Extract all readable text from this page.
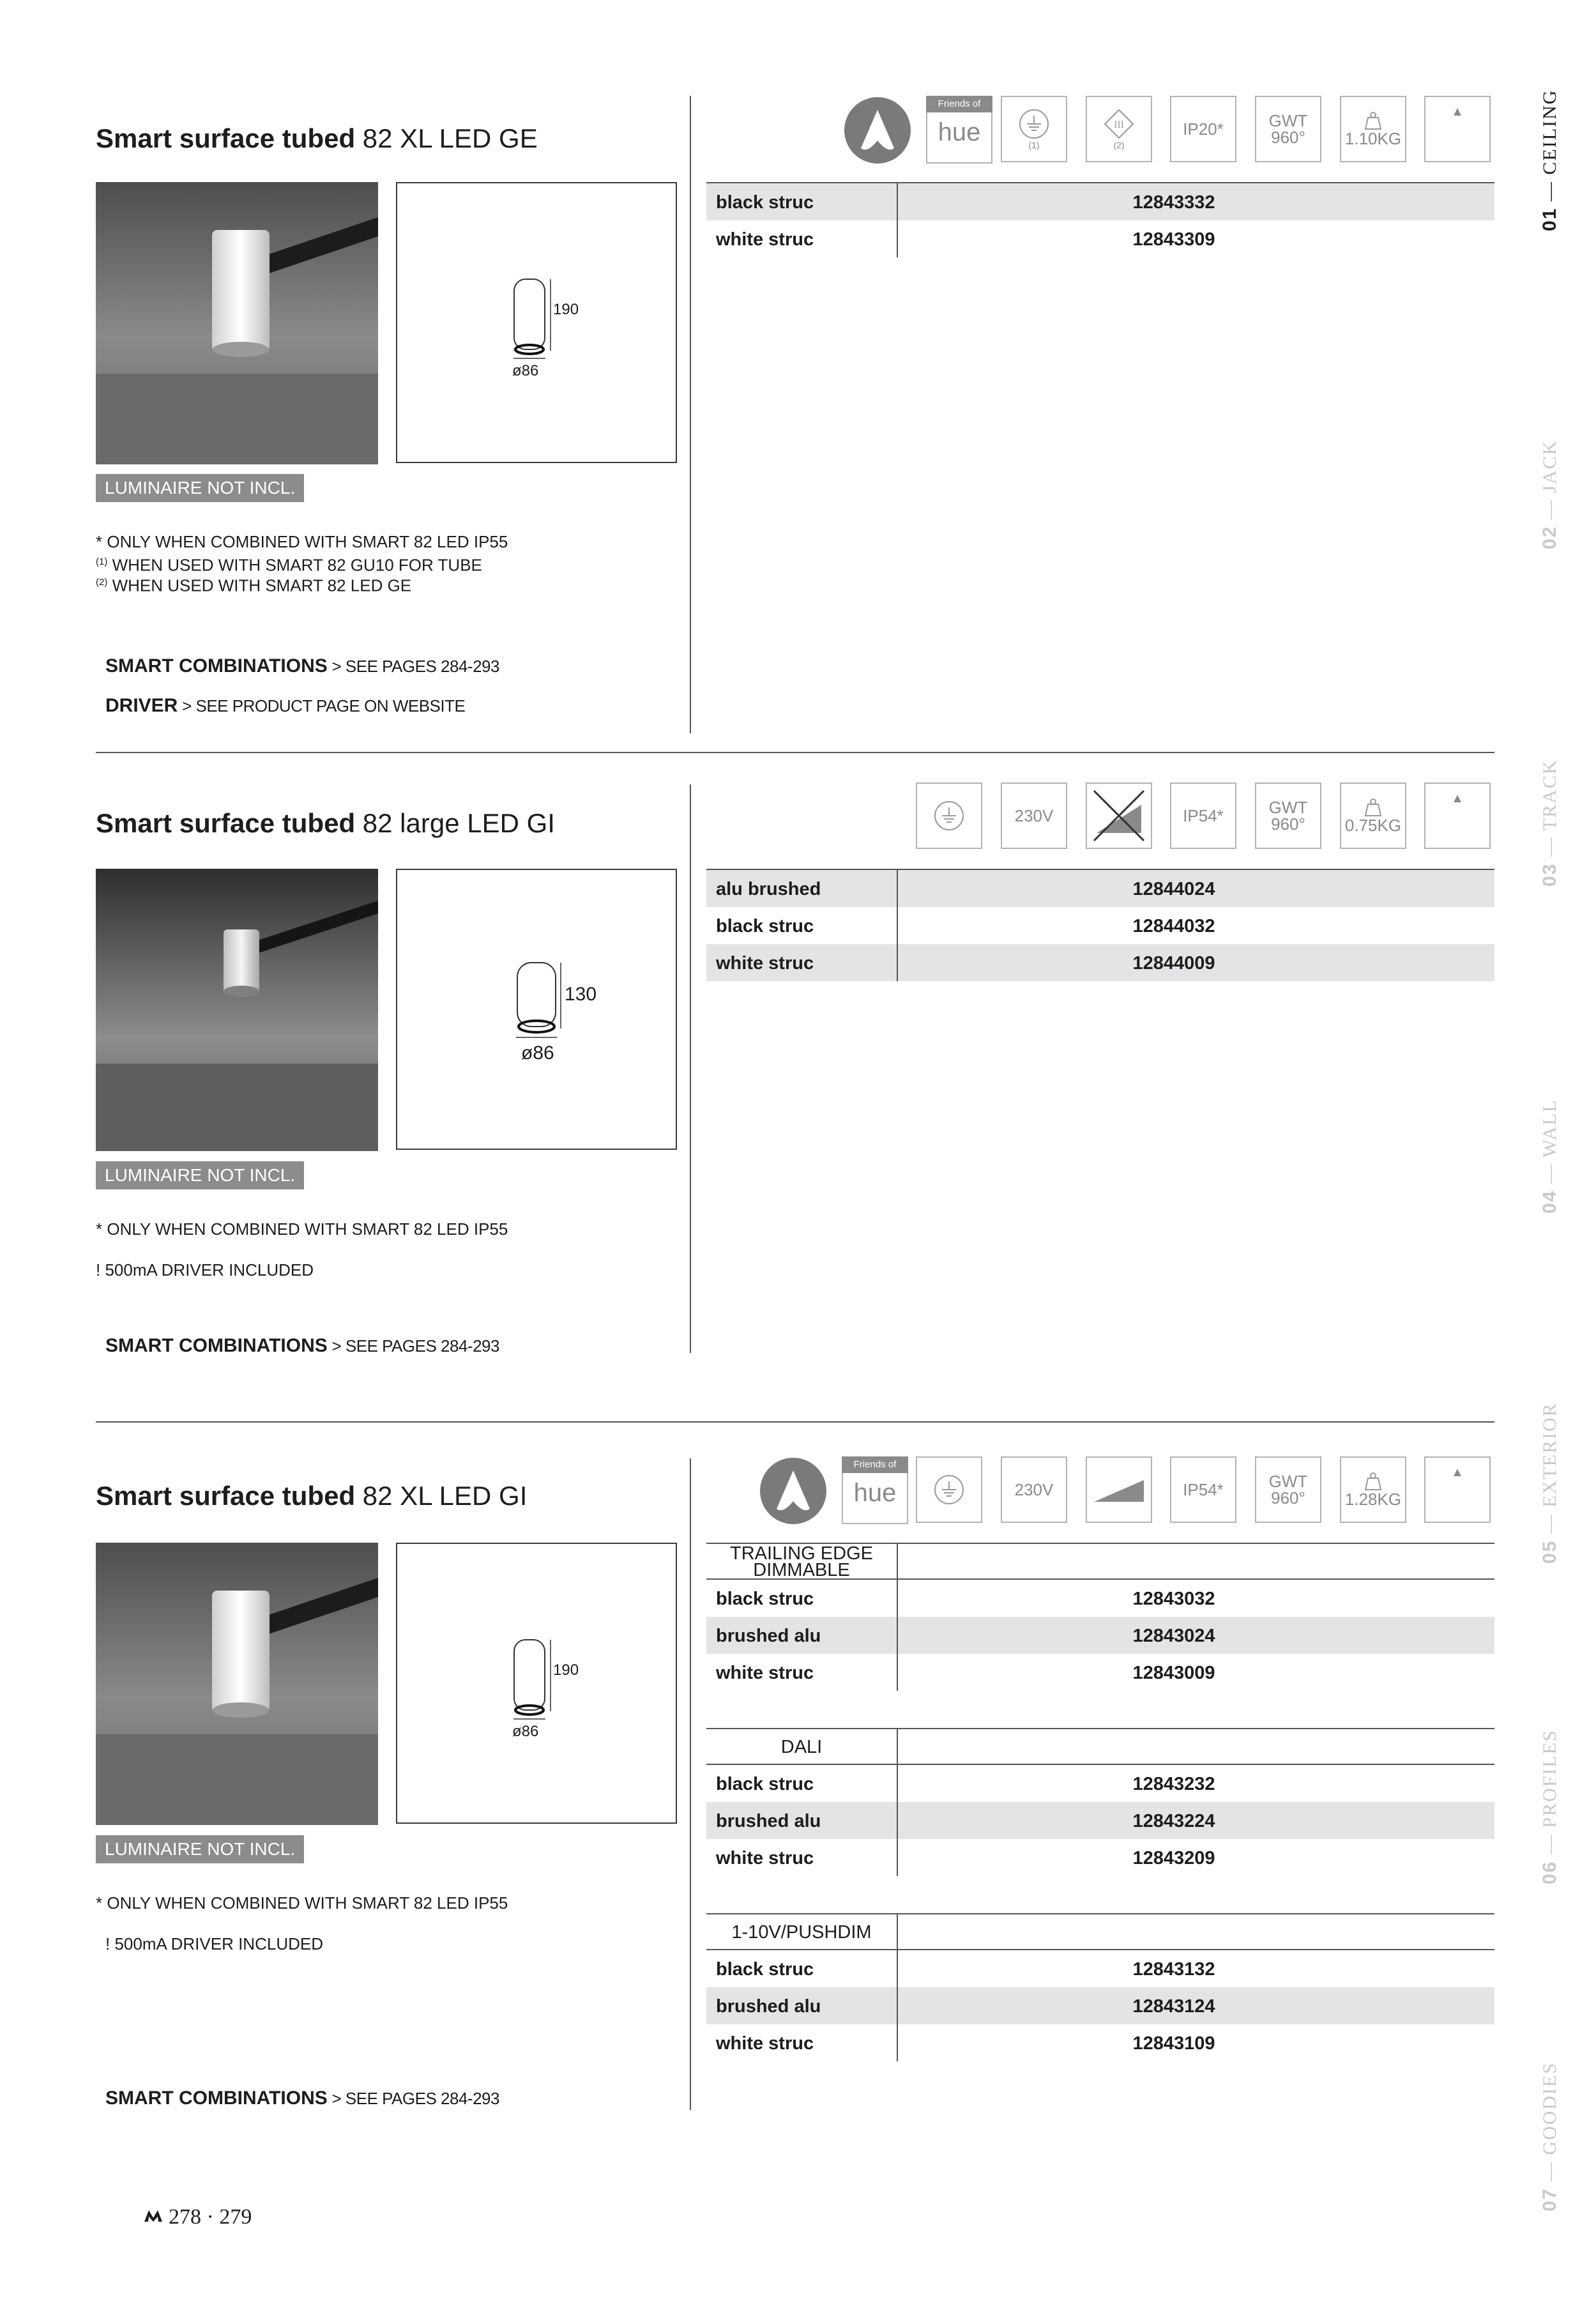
Smart surface tubed 82 XL LED GE
190
ø86
LUMINAIRE NOT INCL.
* ONLY WHEN COMBINED WITH SMART 82 LED IP55
$^{(1)}$ WHEN USED WITH SMART 82 GU10 FOR TUBE
$^{(2)}$ WHEN USED WITH SMART 82 LED GE
SMART COMBINATIONS > SEE PAGES 284-293
DRIVER > SEE PRODUCT PAGE ON WEBSITE
Friends of
hue	(1)
III
(2)
IP20*	GWT
960° 1.10KG
▲
black struc	12843332
white struc	12843309
Smart surface tubed 82 large LED GI
130
ø86
LUMINAIRE NOT INCL.
* ONLY WHEN COMBINED WITH SMART 82 LED IP55
! 500mA DRIVER INCLUDED
SMART COMBINATIONS > SEE PAGES 284-293
230V	IP54*	GWT
960° 0.75KG
▲
alu brushed	12844024
black struc	12844032
white struc	12844009
Smart surface tubed 82 XL LED GI
190
ø86
LUMINAIRE NOT INCL.
* ONLY WHEN COMBINED WITH SMART 82 LED IP55
! 500mA DRIVER INCLUDED
SMART COMBINATIONS > SEE PAGES 284-293
Friends of
hue	230V	IP54*	GWT
960° 1.28KG
▲
TRAILING EDGE
DIMMABLE
black struc	12843032
brushed alu	12843024
white struc	12843009
DALI
black struc	12843232
brushed alu	12843224
white struc	12843209
1-10V/PUSHDIM
black struc	12843132
brushed alu	12843124
white struc	12843109
01 — CEILING
02 — JACK
03 — TRACK
04 — WALL
05 — EXTERIOR
06 — PROFILES
07 — GOODIES
278 · 279
